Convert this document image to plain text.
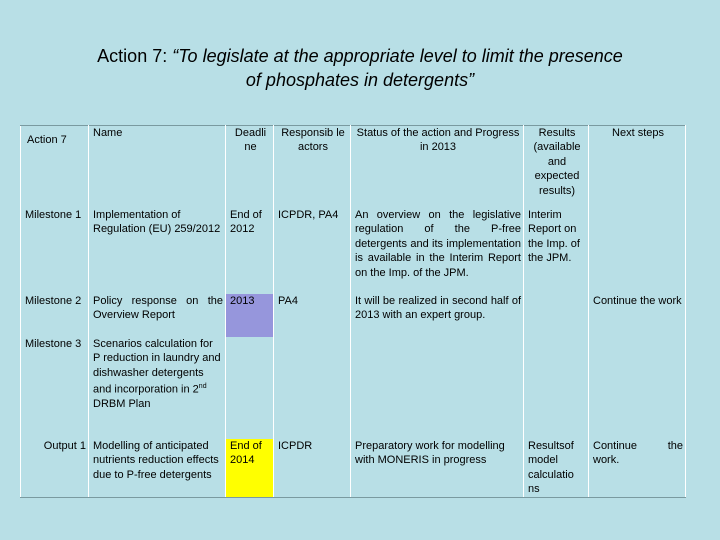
Action 7: “To legislate at the appropriate level to limit the presence
of phosphates in detergents”
Action 7	Name	Deadli ne	Responsib le actors	Status of the action and Progress in 2013	Results (available and expected results)	Next steps
Milestone 1	Implementation of Regulation (EU) 259/2012	End of 2012	ICPDR, PA4	An overview on the legislative regulation of the P-free detergents and its implementation is available in the Interim Report on the Imp. of the JPM.	Interim Report on the Imp. of the JPM.	
Milestone 2	Policy response on the Overview Report	2013	PA4	It will be realized in second half of 2013 with an expert group.		Continue the work
Milestone 3	Scenarios calculation for P reduction in laundry and dishwasher detergents and incorporation in 2nd DRBM Plan					
Output 1	Modelling of anticipated nutrients reduction effects due to P-free detergents	End of 2014	ICPDR	Preparatory work for modelling with MONERIS in progress	Resultsof model calculatio ns	Continue the work.
